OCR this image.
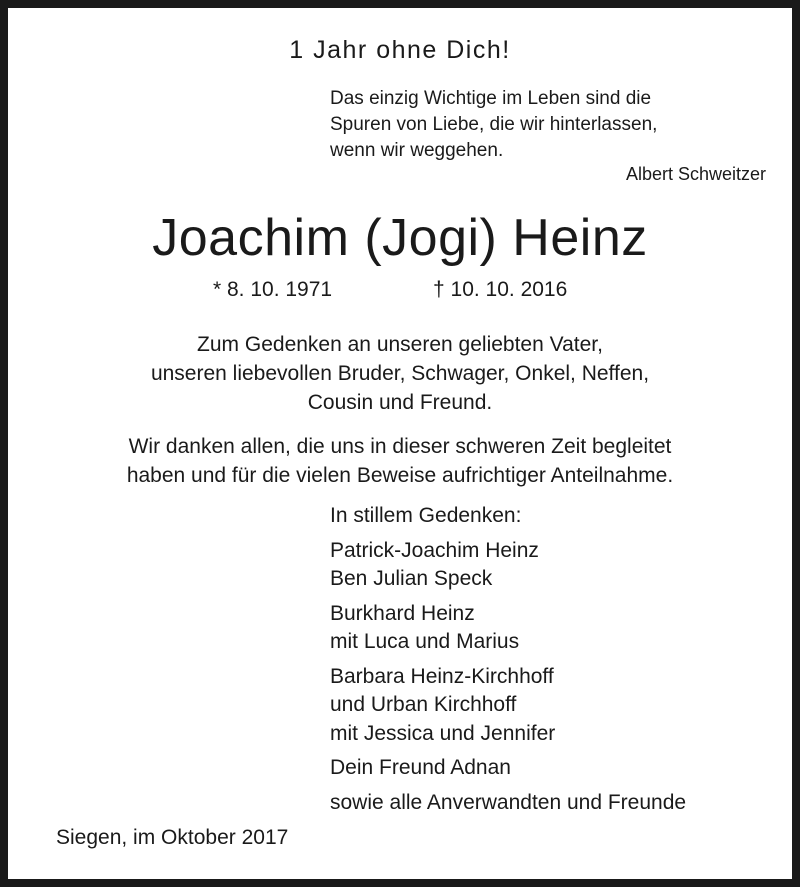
1 Jahr ohne Dich!
Das einzig Wichtige im Leben sind die
Spuren von Liebe, die wir hinterlassen,
wenn wir weggehen.
Albert Schweitzer
Joachim (Jogi) Heinz
* 8. 10. 1971	† 10. 10. 2016
Zum Gedenken an unseren geliebten Vater,
unseren liebevollen Bruder, Schwager, Onkel, Neffen,
Cousin und Freund.
Wir danken allen, die uns in dieser schweren Zeit begleitet
haben und für die vielen Beweise aufrichtiger Anteilnahme.
In stillem Gedenken:
Patrick-Joachim Heinz
Ben Julian Speck
Burkhard Heinz
mit Luca und Marius
Barbara Heinz-Kirchhoff
und Urban Kirchhoff
mit Jessica und Jennifer
Dein Freund Adnan
sowie alle Anverwandten und Freunde
Siegen, im Oktober 2017
